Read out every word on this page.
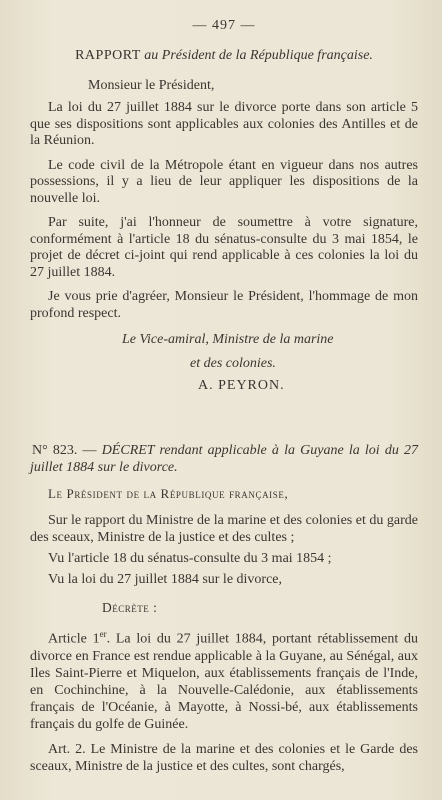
— 497 —
RAPPORT au Président de la République française.
Monsieur le Président,

La loi du 27 juillet 1884 sur le divorce porte dans son article 5 que ses dispositions sont applicables aux colonies des Antilles et de la Réunion.

Le code civil de la Métropole étant en vigueur dans nos autres possessions, il y a lieu de leur appliquer les dispositions de la nouvelle loi.

Par suite, j'ai l'honneur de soumettre à votre signature, conformément à l'article 18 du sénatus-consulte du 3 mai 1854, le projet de décret ci-joint qui rend applicable à ces colonies la loi du 27 juillet 1884.

Je vous prie d'agréer, Monsieur le Président, l'hommage de mon profond respect.

Le Vice-amiral, Ministre de la marine
et des colonies.
A. PEYRON.
N° 823. — DÉCRET rendant applicable à la Guyane la loi du 27 juillet 1884 sur le divorce.
Le Président de la République française,

Sur le rapport du Ministre de la marine et des colonies et du garde des sceaux, Ministre de la justice et des cultes ;

Vu l'article 18 du sénatus-consulte du 3 mai 1854 ;
Vu la loi du 27 juillet 1884 sur le divorce,
Décrète :

Article 1er. La loi du 27 juillet 1884, portant rétablissement du divorce en France est rendue applicable à la Guyane, au Sénégal, aux Iles Saint-Pierre et Miquelon, aux établissements français de l'Inde, en Cochinchine, à la Nouvelle-Calédonie, aux établissements français de l'Océanie, à Mayotte, à Nossi-bé, aux établissements français du golfe de Guinée.

Art. 2. Le Ministre de la marine et des colonies et le Garde des sceaux, Ministre de la justice et des cultes, sont chargés,
